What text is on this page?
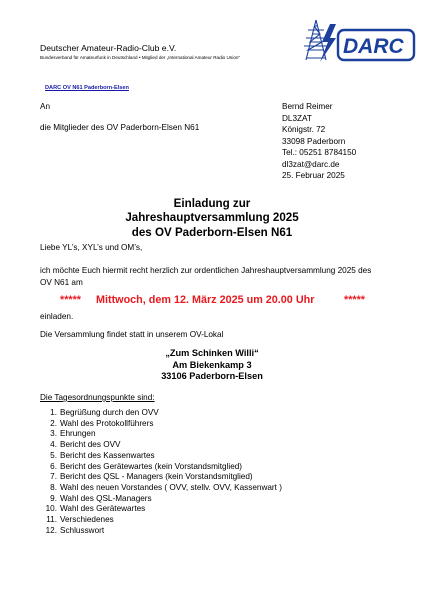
Deutscher Amateur-Radio-Club e.V.
Bundesverband für Amateurfunk in Deutschland • Mitglied der „International Amateur Radio Union“	DARC
DARC OV N61 Paderborn-Elsen
An
die Mitglieder des OV Paderborn-Elsen N61
Bernd Reimer
DL3ZAT
Königstr. 72
33098 Paderborn
Tel.: 05251 8784150
dl3zat@darc.de
25. Februar 2025
Einladung zur
Jahreshauptversammlung 2025
des OV Paderborn-Elsen N61
Liebe YL’s, XYL’s und OM’s,
ich möchte Euch hiermit recht herzlich zur ordentlichen Jahreshauptversammlung 2025 des OV N61 am
***** Mittwoch, dem 12. März 2025 um 20.00 Uhr	*****
einladen.
Die Versammlung findet statt in unserem OV-Lokal
„Zum Schinken Willi“
Am Biekenkamp 3
33106 Paderborn-Elsen
Die Tagesordnungspunkte sind:
1. Begrüßung durch den OVV
2. Wahl des Protokollführers
3. Ehrungen
4. Bericht des OVV
5. Bericht des Kassenwartes
6. Bericht des Gerätewartes (kein Vorstandsmitglied)
7. Bericht des QSL - Managers (kein Vorstandsmitglied)
8. Wahl des neuen Vorstandes ( OVV, stellv. OVV, Kassenwart )
9. Wahl des QSL-Managers
10. Wahl des Gerätewartes
11. Verschiedenes
12. Schlusswort
